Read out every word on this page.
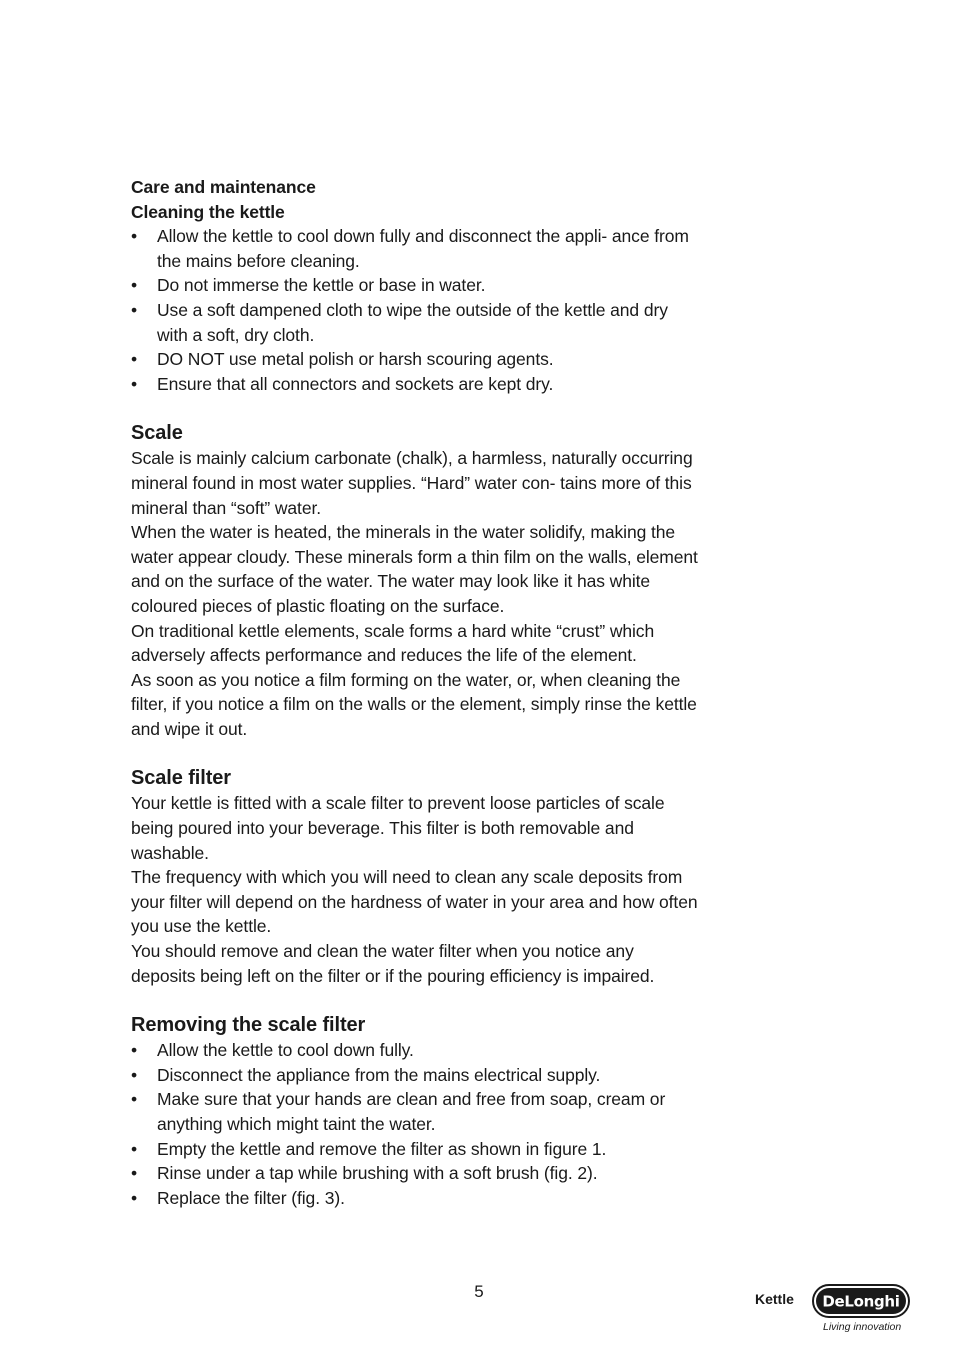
Care and maintenance

Cleaning the kettle

• Allow the kettle to cool down fully and disconnect the appli- ance from the mains before cleaning.
• Do not immerse the kettle or base in water.
• Use a soft dampened cloth to wipe the outside of the kettle and dry with a soft, dry cloth.
• DO NOT use metal polish or harsh scouring agents.
• Ensure that all connectors and sockets are kept dry.
Scale

Scale is mainly calcium carbonate (chalk), a harmless, naturally occurring mineral found in most water supplies. “Hard” water con- tains more of this mineral than “soft” water.

When the water is heated, the minerals in the water solidify, making the water appear cloudy. These minerals form a thin film on the walls, element and on the surface of the water. The water may look like it has white coloured pieces of plastic floating on the surface.

On traditional kettle elements, scale forms a hard white “crust” which adversely affects performance and reduces the life of the element.

As soon as you notice a film forming on the water, or, when cleaning the filter, if you notice a film on the walls or the element, simply rinse the kettle and wipe it out.

Scale filter

Your kettle is fitted with a scale filter to prevent loose particles of scale being poured into your beverage. This filter is both removable and washable.

The frequency with which you will need to clean any scale deposits from your filter will depend on the hardness of water in your area and how often you use the kettle.

You should remove and clean the water filter when you notice any deposits being left on the filter or if the pouring efficiency is impaired.

Removing the scale filter
• Allow the kettle to cool down fully.
• Disconnect the appliance from the mains electrical supply.
• Make sure that your hands are clean and free from soap, cream or anything which might taint the water.
• Empty the kettle and remove the filter as shown in figure 1.
• Rinse under a tap while brushing with a soft brush (fig. 2).
• Replace the filter (fig. 3).
5	Kettle DeLonghi
Living innovation
